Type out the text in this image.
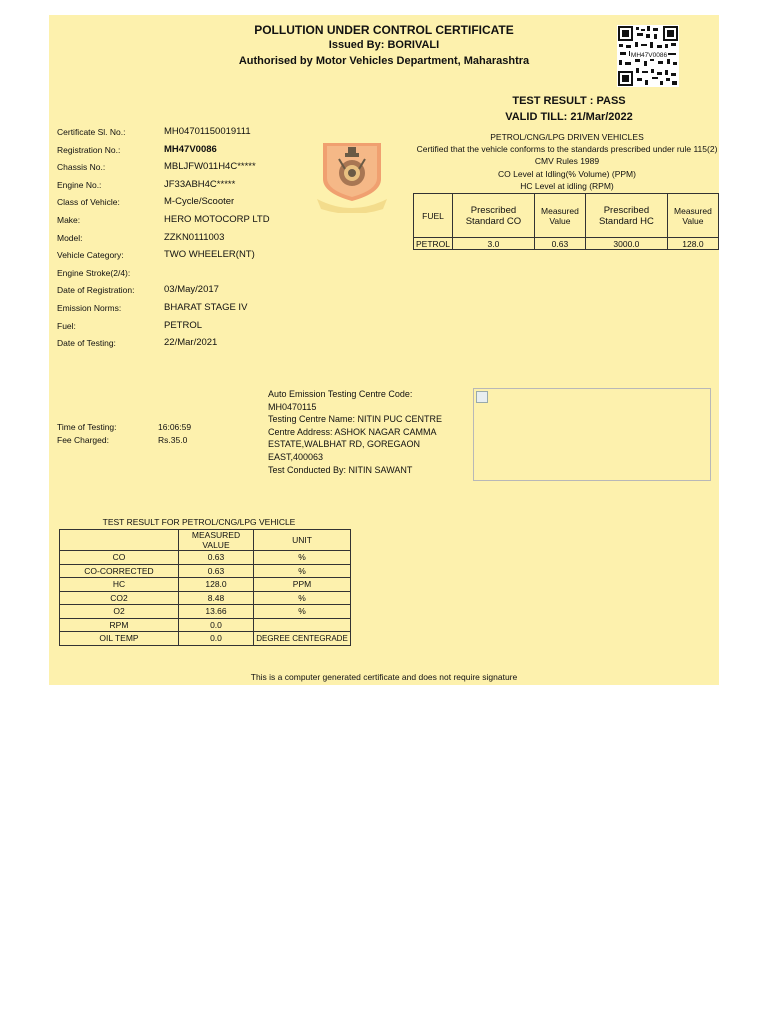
POLLUTION UNDER CONTROL CERTIFICATE
Issued By: BORIVALI
Authorised by Motor Vehicles Department, Maharashtra	MH47V0086
TEST RESULT : PASS
VALID TILL: 21/Mar/2022
Certificate Sl. No.:	MH04701150019111
Registration No.:	MH47V0086
Chassis No.:	MBLJFW011H4C*****
Engine No.:	JF33ABH4C*****
Class of Vehicle:	M-Cycle/Scooter
Make:	HERO MOTOCORP LTD
Model:	ZZKN0111003
Vehicle Category:	TWO WHEELER(NT)
Engine Stroke(2/4):
Date of Registration:	03/May/2017
Emission Norms:	BHARAT STAGE IV
Fuel:	PETROL
Date of Testing:	22/Mar/2021
PETROL/CNG/LPG DRIVEN VEHICLES
Certified that the vehicle conforms to the standards prescribed under rule 115(2)
CMV Rules 1989
CO Level at Idling(% Volume) (PPM)
HC Level at idling (RPM)
FUEL	Prescribed Standard CO	Measured Value	Prescribed Standard HC	Measured Value
PETROL	3.0	0.63	3000.0	128.0
Time of Testing:	16:06:59
Fee Charged:	Rs.35.0
Auto Emission Testing Centre Code:
MH0470115
Testing Centre Name: NITIN PUC CENTRE
Centre Address: ASHOK NAGAR CAMMA ESTATE,WALBHAT RD, GOREGAON EAST,400063
Test Conducted By: NITIN SAWANT
TEST RESULT FOR PETROL/CNG/LPG VEHICLE
	MEASURED VALUE	UNIT
CO	0.63	%
CO-CORRECTED	0.63	%
HC	128.0	PPM
CO2	8.48	%
O2	13.66	%
RPM	0.0	
OIL TEMP	0.0	DEGREE CENTEGRADE
This is a computer generated certificate and does not require signature
